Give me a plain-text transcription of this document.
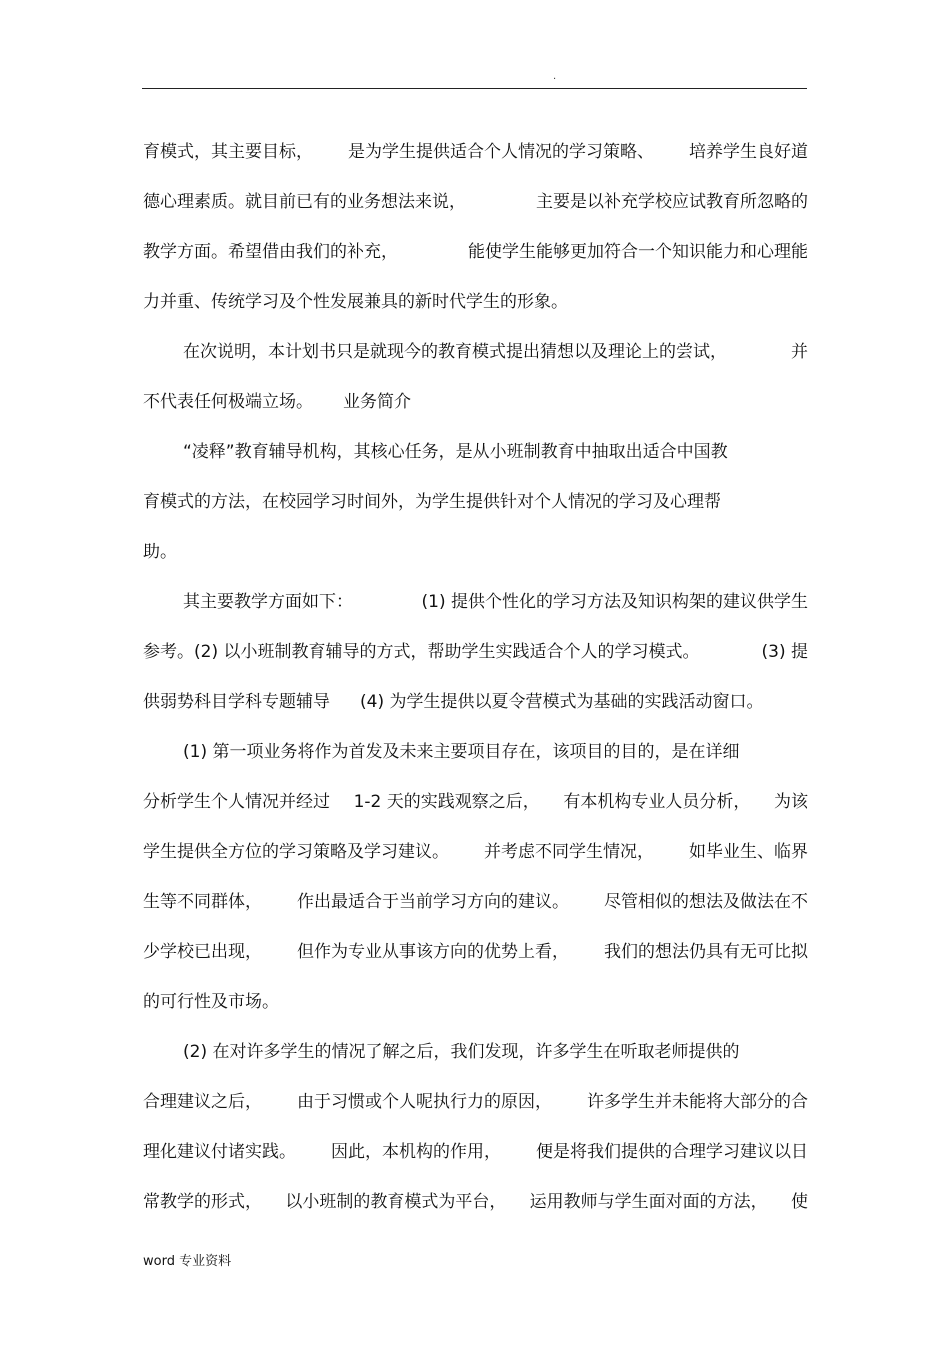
.
育模式，其主要目标， 是为学生提供适合个人情况的学习策略、 培养学生良好道
德心理素质。就目前已有的业务想法来说，	主要是以补充学校应试教育所忽略的
教学方面。希望借由我们的补充，	能使学生能够更加符合一个知识能力和心理能
力并重、传统学习及个性发展兼具的新时代学生的形象。
在次说明，本计划书只是就现今的教育模式提出猜想以及理论上的尝试，	并
不代表任何极端立场。 业务简介
“凌释”教育辅导机构，其核心任务，是从小班制教育中抽取出适合中国教
育模式的方法，在校园学习时间外，为学生提供针对个人情况的学习及心理帮
助。
其主要教学方面如下：	(1) 提供个性化的学习方法及知识构架的建议供学生
参考。(2) 以小班制教育辅导的方式，帮助学生实践适合个人的学习模式。	(3) 提
供弱势科目学科专题辅导 (4) 为学生提供以夏令营模式为基础的实践活动窗口。
(1) 第一项业务将作为首发及未来主要项目存在，该项目的目的，是在详细
分析学生个人情况并经过 1-2 天的实践观察之后， 有本机构专业人员分析， 为该
学生提供全方位的学习策略及学习建议。 并考虑不同学生情况， 如毕业生、临界
生等不同群体， 作出最适合于当前学习方向的建议。 尽管相似的想法及做法在不
少学校已出现， 但作为专业从事该方向的优势上看， 我们的想法仍具有无可比拟
的可行性及市场。
(2) 在对许多学生的情况了解之后，我们发现，许多学生在听取老师提供的
合理建议之后， 由于习惯或个人呢执行力的原因， 许多学生并未能将大部分的合
理化建议付诸实践。 因此，本机构的作用， 便是将我们提供的合理学习建议以日
常教学的形式， 以小班制的教育模式为平台， 运用教师与学生面对面的方法， 使
word 专业资料
